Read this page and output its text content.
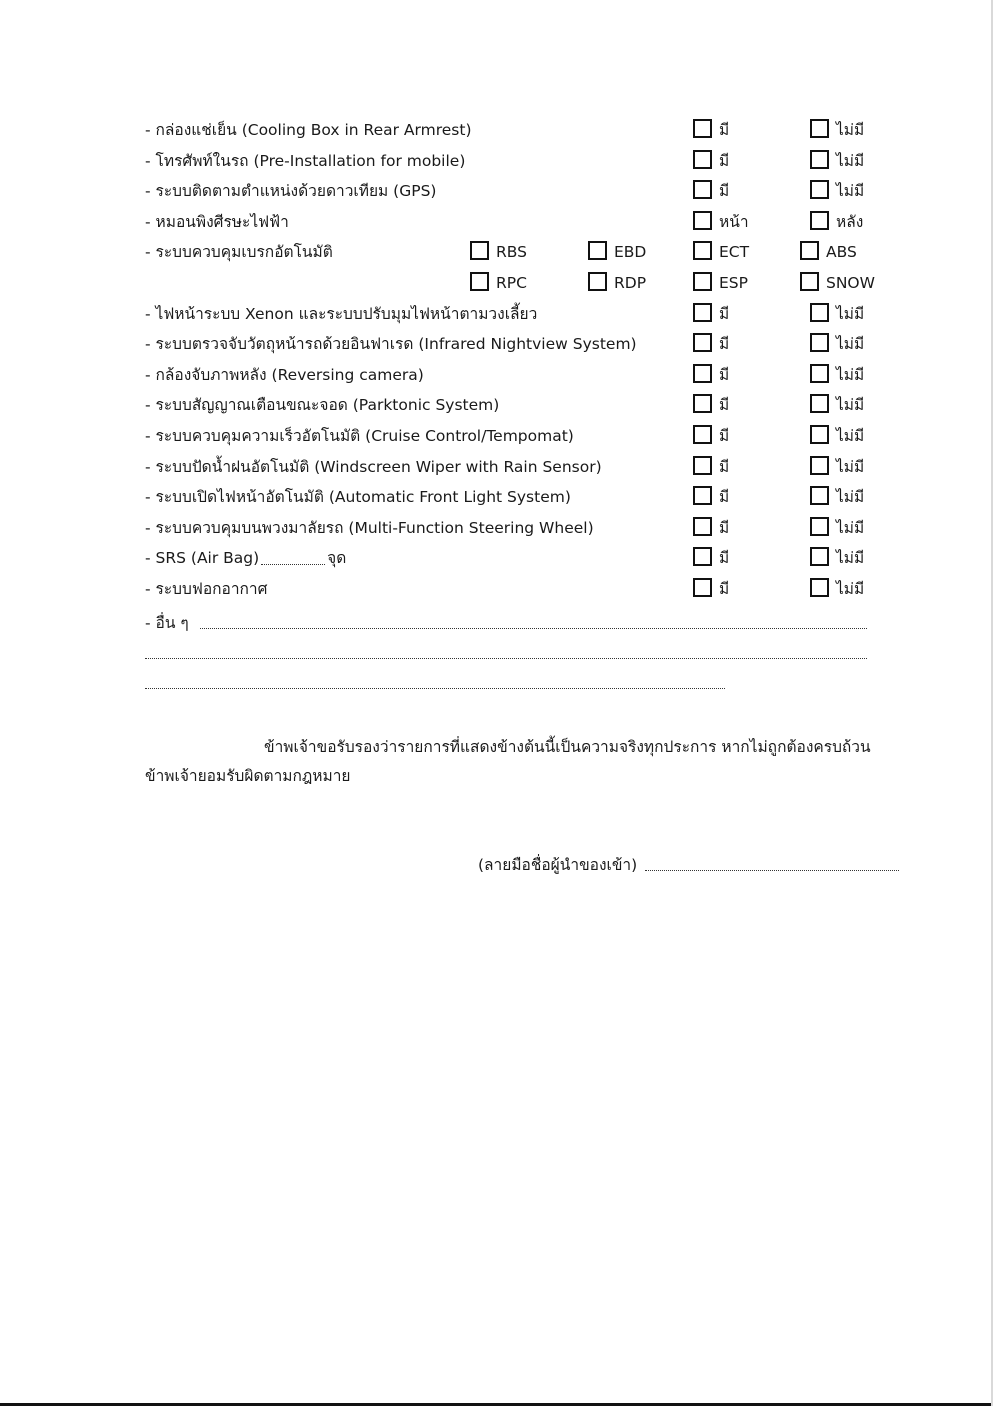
- กล่องแช่เย็น (Cooling Box in Rear Armrest)	มี	ไม่มี
- โทรศัพท์ในรถ (Pre-Installation for mobile)	มี	ไม่มี
- ระบบติดตามตำแหน่งด้วยดาวเทียม (GPS)	มี	ไม่มี
- หมอนพิงศีรษะไฟฟ้า	หน้า	หลัง
- ระบบควบคุมเบรกอัตโนมัติ	RBS	EBD	ECT	ABS
RPC	RDP	ESP	SNOW
- ไฟหน้าระบบ Xenon และระบบปรับมุมไฟหน้าตามวงเลี้ยว	มี	ไม่มี
- ระบบตรวจจับวัตถุหน้ารถด้วยอินฟาเรด (Infrared Nightview System)	มี	ไม่มี
- กล้องจับภาพหลัง (Reversing camera)	มี	ไม่มี
- ระบบสัญญาณเตือนขณะจอด (Parktonic System)	มี	ไม่มี
- ระบบควบคุมความเร็วอัตโนมัติ (Cruise Control/Tempomat)	มี	ไม่มี
- ระบบปัดน้ำฝนอัตโนมัติ (Windscreen Wiper with Rain Sensor)	มี	ไม่มี
- ระบบเปิดไฟหน้าอัตโนมัติ (Automatic Front Light System)	มี	ไม่มี
- ระบบควบคุมบนพวงมาลัยรถ (Multi-Function Steering Wheel)	มี	ไม่มี
- SRS (Air Bag)	จุด	มี	ไม่มี
- ระบบฟอกอากาศ	มี	ไม่มี
- อื่น ๆ
ข้าพเจ้าขอรับรองว่ารายการที่แสดงข้างต้นนี้เป็นความจริงทุกประการ หากไม่ถูกต้องครบถ้วน
ข้าพเจ้ายอมรับผิดตามกฎหมาย
(ลายมือชื่อผู้นำของเข้า)
